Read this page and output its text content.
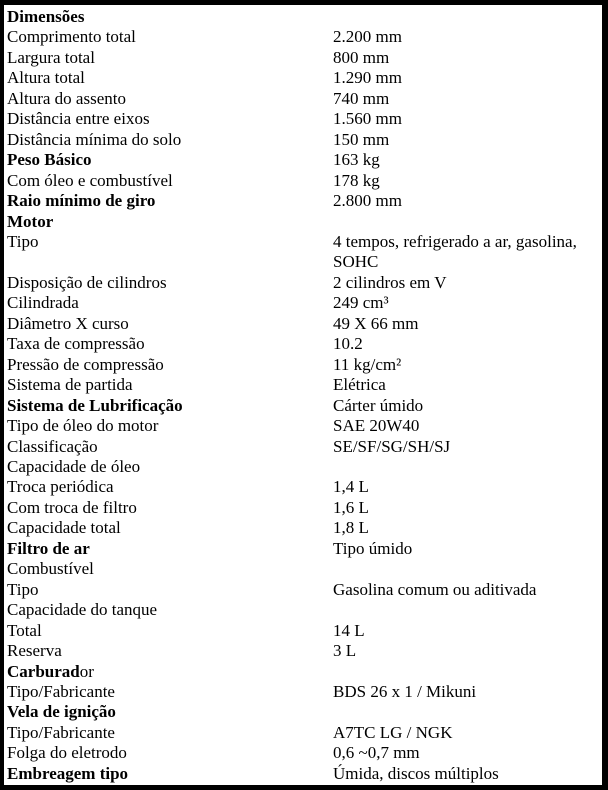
Dimensões
Comprimento total	2.200 mm
Largura total	800 mm
Altura total	1.290 mm
Altura do assento	740 mm
Distância entre eixos	1.560 mm
Distância mínima do solo	150 mm
Peso Básico	163 kg
Com óleo e combustível	178 kg
Raio mínimo de giro	2.800 mm
Motor
Tipo	4 tempos, refrigerado a ar, gasolina,
SOHC
Disposição de cilindros	2 cilindros em V
Cilindrada	249 cm³
Diâmetro X curso	49 X 66 mm
Taxa de compressão	10.2
Pressão de compressão	11 kg/cm²
Sistema de partida	Elétrica
Sistema de Lubrificação	Cárter úmido
Tipo de óleo do motor	SAE 20W40
Classificação	SE/SF/SG/SH/SJ
Capacidade de óleo
Troca periódica	1,4 L
Com troca de filtro	1,6 L
Capacidade total	1,8 L
Filtro de ar	Tipo úmido
Combustível
Tipo	Gasolina comum ou aditivada
Capacidade do tanque
Total	14 L
Reserva	3 L
Carburador
Tipo/Fabricante	BDS 26 x 1 / Mikuni
Vela de ignição
Tipo/Fabricante	A7TC LG / NGK
Folga do eletrodo	0,6 ~0,7 mm
Embreagem tipo	Úmida, discos múltiplos
